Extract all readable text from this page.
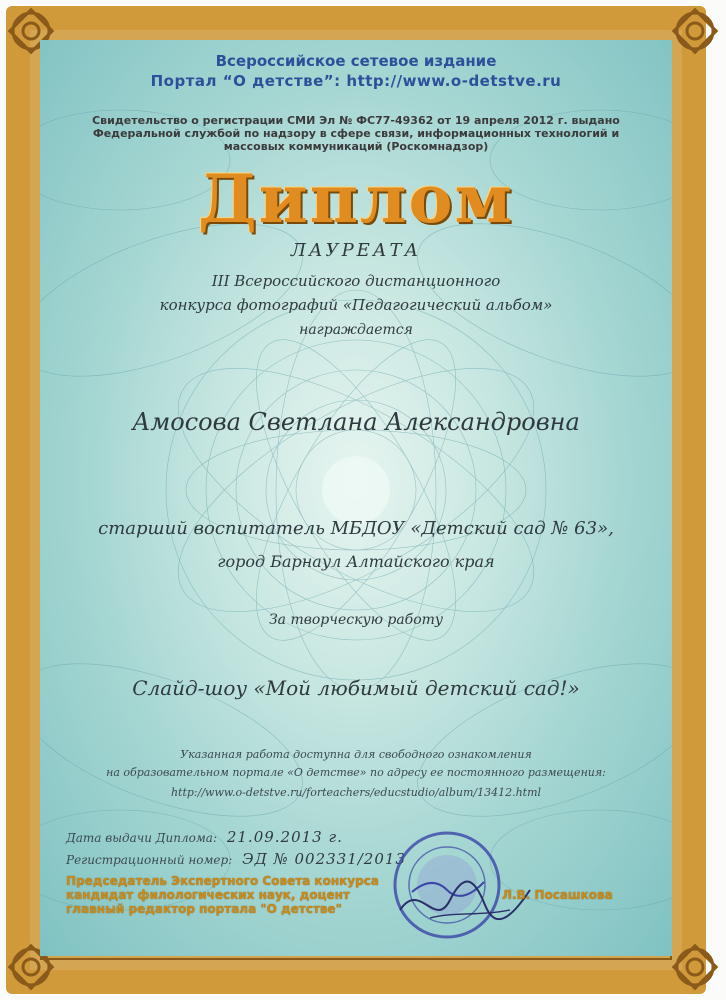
Всероссийское сетевое издание
Портал “О детстве”: http://www.o-detstve.ru
Свидетельство о регистрации СМИ Эл № ФС77-49362 от 19 апреля 2012 г. выдано Федеральной службой по надзору в сфере связи, информационных технологий и массовых коммуникаций (Роскомнадзор)
Диплом
ЛАУРЕАТА
III Всероссийского дистанционного
конкурса фотографий «Педагогический альбом»
награждается
Амосова Светлана Александровна
старший воспитатель МБДОУ «Детский сад № 63»,
город Барнаул Алтайского края
За творческую работу
Слайд-шоу «Мой любимый детский сад!»
Указанная работа доступна для свободного ознакомления
на образовательном портале «О детстве» по адресу ее постоянного размещения:
http://www.o-detstve.ru/forteachers/educstudio/album/13412.html
Дата выдачи Диплома: 21.09.2013 г.
Регистрационный номер: ЭД № 002331/2013
Председатель Экспертного Совета конкурса кандидат филологических наук, доцент главный редактор портала "О детстве"
Л.В. Посашкова
